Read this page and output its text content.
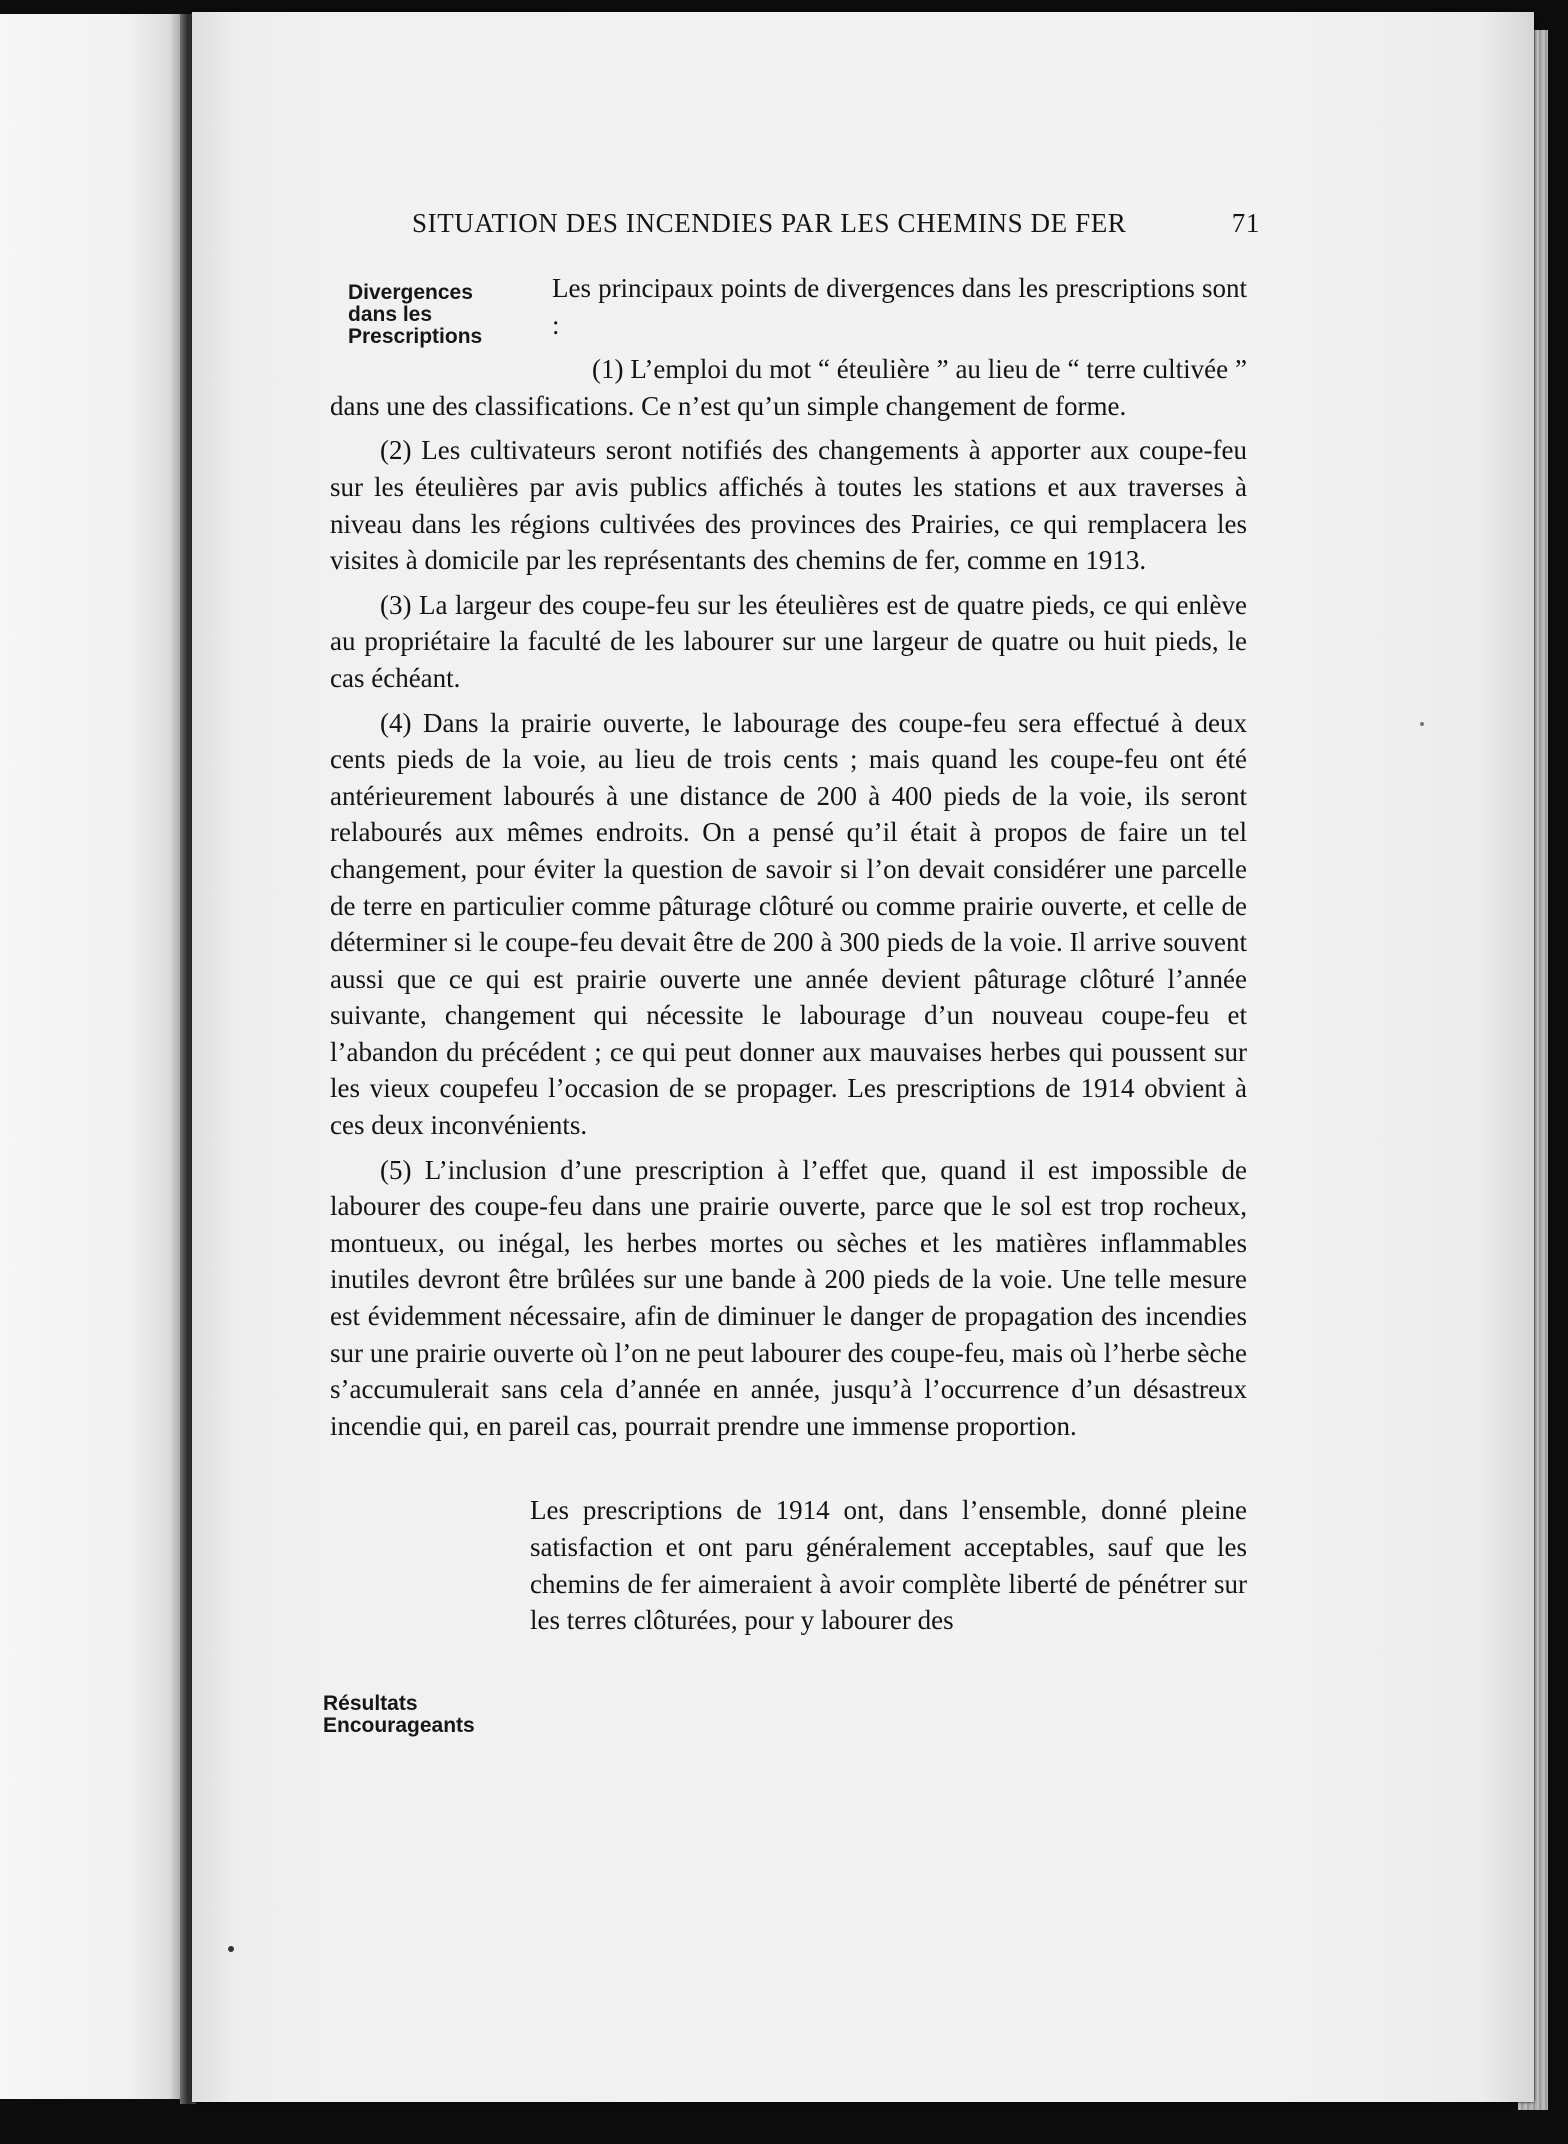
SITUATION DES INCENDIES PAR LES CHEMINS DE FER	71
Divergences
dans les
Prescriptions
Résultats
Encourageants

Les principaux points de divergences dans les prescriptions sont :

(1) L’emploi du mot “ éteulière ” au lieu de “ terre cultivée ” dans une des classifications. Ce n’est qu’un simple changement de forme.

(2) Les cultivateurs seront notifiés des changements à apporter aux coupe-feu sur les éteulières par avis publics affichés à toutes les stations et aux traverses à niveau dans les régions cultivées des provinces des Prairies, ce qui remplacera les visites à domicile par les représentants des chemins de fer, comme en 1913.

(3) La largeur des coupe-feu sur les éteulières est de quatre pieds, ce qui enlève au propriétaire la faculté de les labourer sur une largeur de quatre ou huit pieds, le cas échéant.

(4) Dans la prairie ouverte, le labourage des coupe-feu sera effectué à deux cents pieds de la voie, au lieu de trois cents ; mais quand les coupe-feu ont été antérieurement labourés à une distance de 200 à 400 pieds de la voie, ils seront relabourés aux mêmes endroits. On a pensé qu’il était à propos de faire un tel changement, pour éviter la question de savoir si l’on devait considérer une parcelle de terre en particulier comme pâturage clôturé ou comme prairie ouverte, et celle de déterminer si le coupe-feu devait être de 200 à 300 pieds de la voie. Il arrive souvent aussi que ce qui est prairie ouverte une année devient pâturage clôturé l’année suivante, changement qui nécessite le labourage d’un nouveau coupe-feu et l’abandon du précédent ; ce qui peut donner aux mauvaises herbes qui poussent sur les vieux coupefeu l’occasion de se propager. Les prescriptions de 1914 obvient à ces deux inconvénients.

(5) L’inclusion d’une prescription à l’effet que, quand il est impossible de labourer des coupe-feu dans une prairie ouverte, parce que le sol est trop rocheux, montueux, ou inégal, les herbes mortes ou sèches et les matières inflammables inutiles devront être brûlées sur une bande à 200 pieds de la voie. Une telle mesure est évidemment nécessaire, afin de diminuer le danger de propagation des incendies sur une prairie ouverte où l’on ne peut labourer des coupe-feu, mais où l’herbe sèche s’accumulerait sans cela d’année en année, jusqu’à l’occurrence d’un désastreux incendie qui, en pareil cas, pourrait prendre une immense proportion.

Les prescriptions de 1914 ont, dans l’ensemble, donné pleine satisfaction et ont paru généralement acceptables, sauf que les chemins de fer aimeraient à avoir complète liberté de pénétrer sur les terres clôturées, pour y labourer des
